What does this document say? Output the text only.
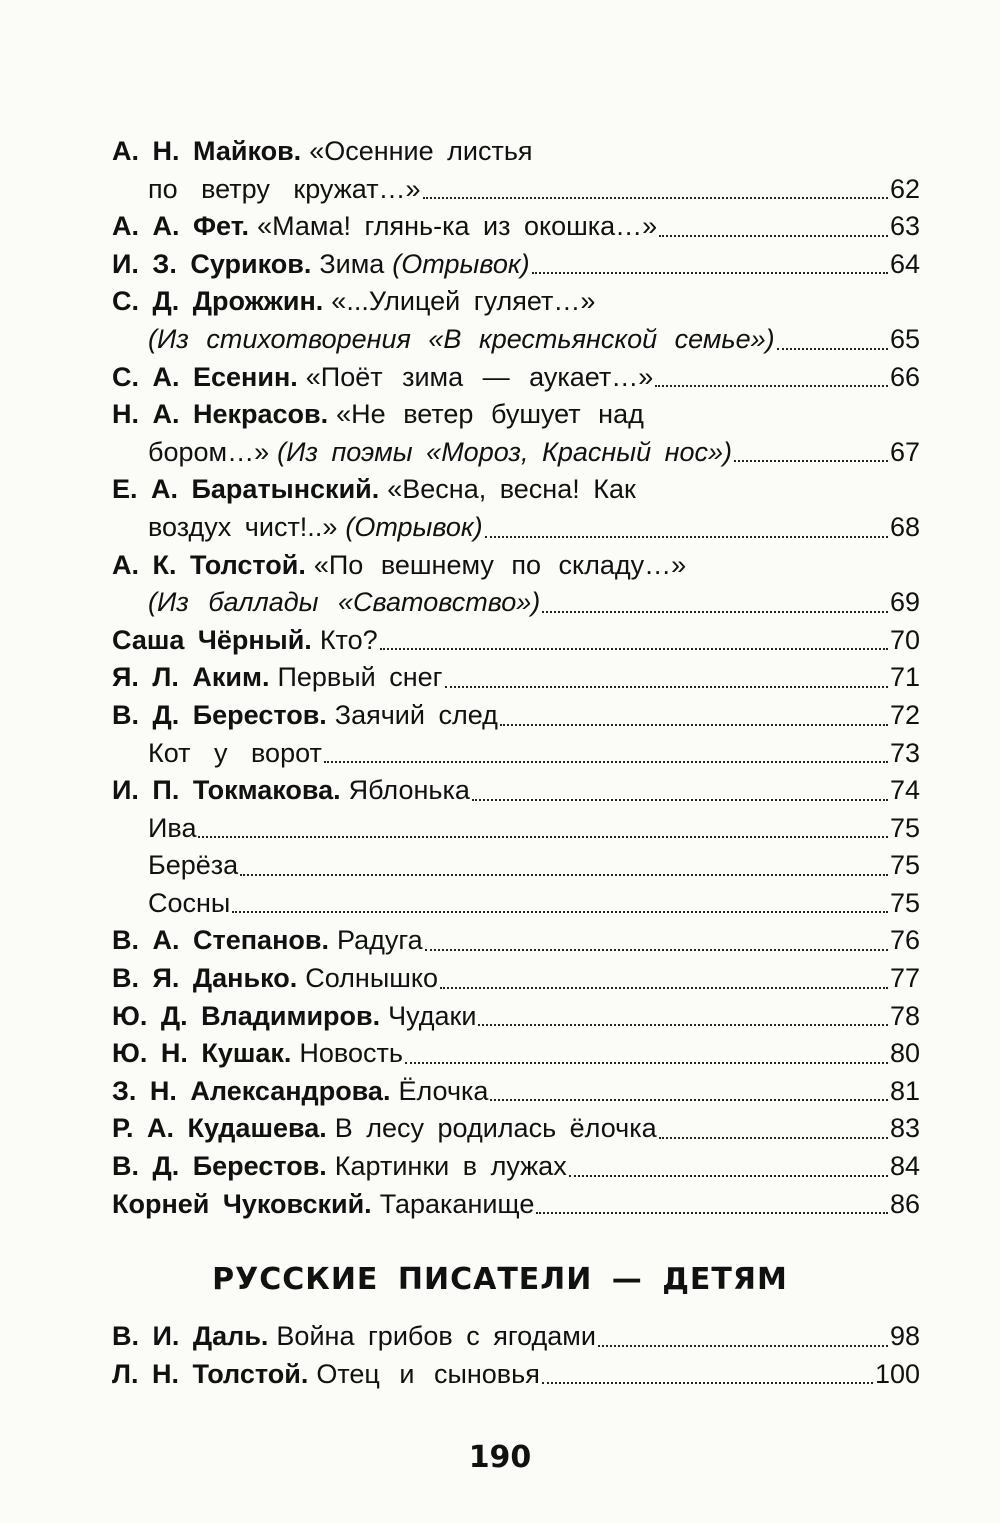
А. Н. Майков. «Осенние листья
по ветру кружат…»	62
А. А. Фет. «Мама! глянь-ка из окошка…»	63
И. З. Суриков. Зима (Отрывок)	64
С. Д. Дрожжин. «...Улицей гуляет…»
(Из стихотворения «В крестьянской семье»)	65
С. А. Есенин. «Поёт зима — аукает…»	66
Н. А. Некрасов. «Не ветер бушует над
бором…» (Из поэмы «Мороз, Красный нос»)	67
Е. А. Баратынский. «Весна, весна! Как
воздух чист!..» (Отрывок)	68
А. К. Толстой. «По вешнему по складу…»
(Из баллады «Сватовство»)	69
Саша Чёрный. Кто?	70
Я. Л. Аким. Первый снег	71
В. Д. Берестов. Заячий след	72
Кот у ворот	73
И. П. Токмакова. Яблонька	74
Ива	75
Берёза	75
Сосны	75
В. А. Степанов. Радуга	76
В. Я. Данько. Солнышко	77
Ю. Д. Владимиров. Чудаки	78
Ю. Н. Кушак. Новость	80
З. Н. Александрова. Ёлочка	81
Р. А. Кудашева. В лесу родилась ёлочка	83
В. Д. Берестов. Картинки в лужах	84
Корней Чуковский. Тараканище	86
РУССКИЕ ПИСАТЕЛИ — ДЕТЯМ
В. И. Даль. Война грибов с ягодами	98
Л. Н. Толстой. Отец и сыновья	100
190
